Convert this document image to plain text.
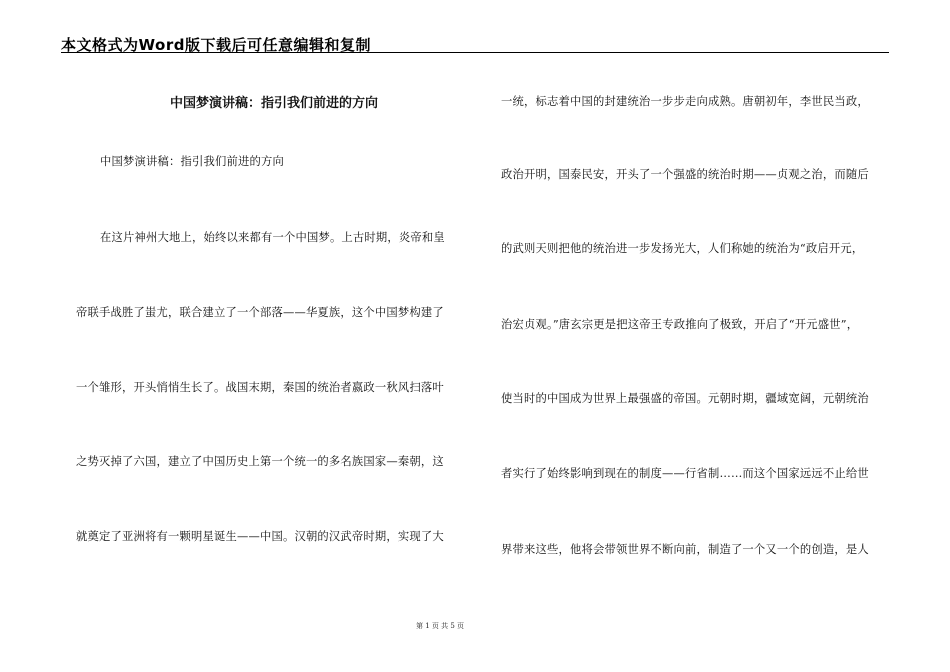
本文格式为Word版下载后可任意编辑和复制
中国梦演讲稿：指引我们前进的方向
中国梦演讲稿：指引我们前进的方向
在这片神州大地上，始终以来都有一个中国梦。上古时期，炎帝和皇
帝联手战胜了蚩尤，联合建立了一个部落——华夏族，这个中国梦构建了
一个雏形，开头悄悄生长了。战国末期，秦国的统治者嬴政一秋风扫落叶
之势灭掉了六国，建立了中国历史上第一个统一的多名族国家—秦朝，这
就奠定了亚洲将有一颗明星诞生——中国。汉朝的汉武帝时期，实现了大
一统，标志着中国的封建统治一步步走向成熟。唐朝初年，李世民当政，
政治开明，国泰民安，开头了一个强盛的统治时期——贞观之治，而随后
的武则天则把他的统治进一步发扬光大，人们称她的统治为“政启开元，
治宏贞观。”唐玄宗更是把这帝王专政推向了极致，开启了“开元盛世”，
使当时的中国成为世界上最强盛的帝国。元朝时期，疆域宽阔，元朝统治
者实行了始终影响到现在的制度——行省制……而这个国家远远不止给世
界带来这些，他将会带领世界不断向前，制造了一个又一个的创造，是人
第 1 页 共 5 页
